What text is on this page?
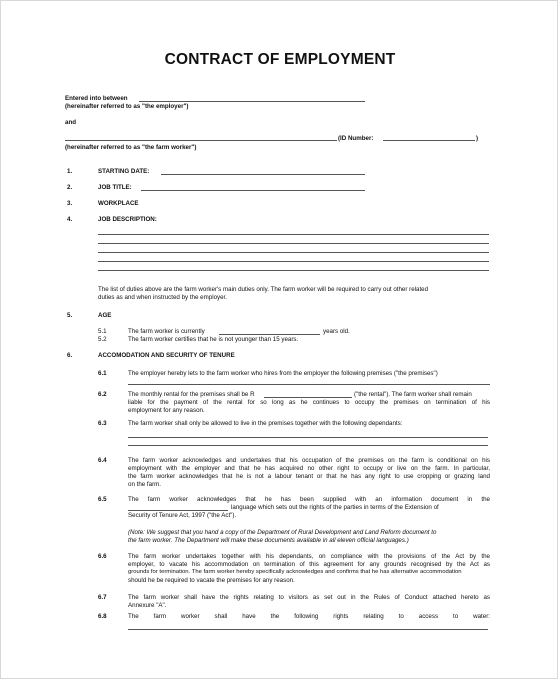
CONTRACT OF EMPLOYMENT
Entered into between
(hereinafter referred to as "the employer")
and
(ID Number:	)
(hereinafter referred to as "the farm worker")
1.	STARTING DATE:
2.	JOB TITLE:
3.	WORKPLACE
4.	JOB DESCRIPTION:
The list of duties above are the farm worker's main duties only. The farm worker will be required to carry out other related
duties as and when instructed by the employer.
5.	AGE
5.1	The farm worker is currently	years old.
5.2	The farm worker certifies that he is not younger than 15 years.
6.	ACCOMODATION AND SECURITY OF TENURE
6.1	The employer hereby lets to the farm worker who hires from the employer the following premises ("the premises")
6.2	The monthly rental for the premises shall be R	("the rental"). The farm worker shall remain
liable for the payment of the rental for so long as he continues to occupy the premises on termination of his
employment for any reason.
6.3	The farm worker shall only be allowed to live in the premises together with the following dependants:
6.4	The farm worker acknowledges and undertakes that his occupation of the premises on the farm is conditional on his
employment with the employer and that he has acquired no other right to occupy or live on the farm. In particular,
the farm worker acknowledges that he is not a labour tenant or that he has any right to use cropping or grazing land
on the farm.
6.5	The farm worker acknowledges that he has been supplied with an information document in the
language which sets out the rights of the parties in terms of the Extension of
Security of Tenure Act, 1997 ("the Act").
(Note: We suggest that you hand a copy of the Department of Rural Development and Land Reform document to
the farm worker. The Department will make these documents available in all eleven official languages.)
6.6	The farm worker undertakes together with his dependants, on compliance with the provisions of the Act by the
employer, to vacate his accommodation on termination of this agreement for any grounds recognised by the Act as
grounds for termination. The farm worker hereby specifically acknowledges and confirms that he has alternative accommodation
should he be required to vacate the premises for any reason.
6.7	The farm worker shall have the rights relating to visitors as set out in the Rules of Conduct attached hereto as
Annexure "A".
6.8	The farm worker shall have the following rights relating to access to water:
